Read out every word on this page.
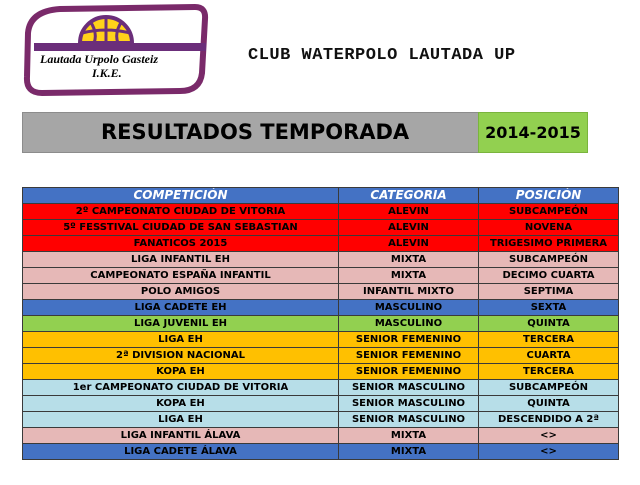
Lautada Urpolo Gasteiz
I.K.E.
CLUB WATERPOLO LAUTADA UP
RESULTADOS TEMPORADA	2014-2015
COMPETICIÓN	CATEGORIA	POSICIÓN
2º CAMPEONATO CIUDAD DE VITORIA	ALEVIN	SUBCAMPEÓN
5º FESSTIVAL CIUDAD DE SAN SEBASTIAN	ALEVIN	NOVENA
FANATICOS 2015	ALEVIN	TRIGESIMO PRIMERA
LIGA INFANTIL EH	MIXTA	SUBCAMPEÓN
CAMPEONATO ESPAÑA INFANTIL	MIXTA	DECIMO CUARTA
POLO AMIGOS	INFANTIL MIXTO	SEPTIMA
LIGA CADETE EH	MASCULINO	SEXTA
LIGA JUVENIL EH	MASCULINO	QUINTA
LIGA EH	SENIOR FEMENINO	TERCERA
2ª DIVISION NACIONAL	SENIOR FEMENINO	CUARTA
KOPA EH	SENIOR FEMENINO	TERCERA
1er CAMPEONATO CIUDAD DE VITORIA	SENIOR MASCULINO	SUBCAMPEÓN
KOPA EH	SENIOR MASCULINO	QUINTA
LIGA EH	SENIOR MASCULINO	DESCENDIDO A 2ª
LIGA INFANTIL ÁLAVA	MIXTA	<>
LIGA CADETE ÁLAVA	MIXTA	<>
